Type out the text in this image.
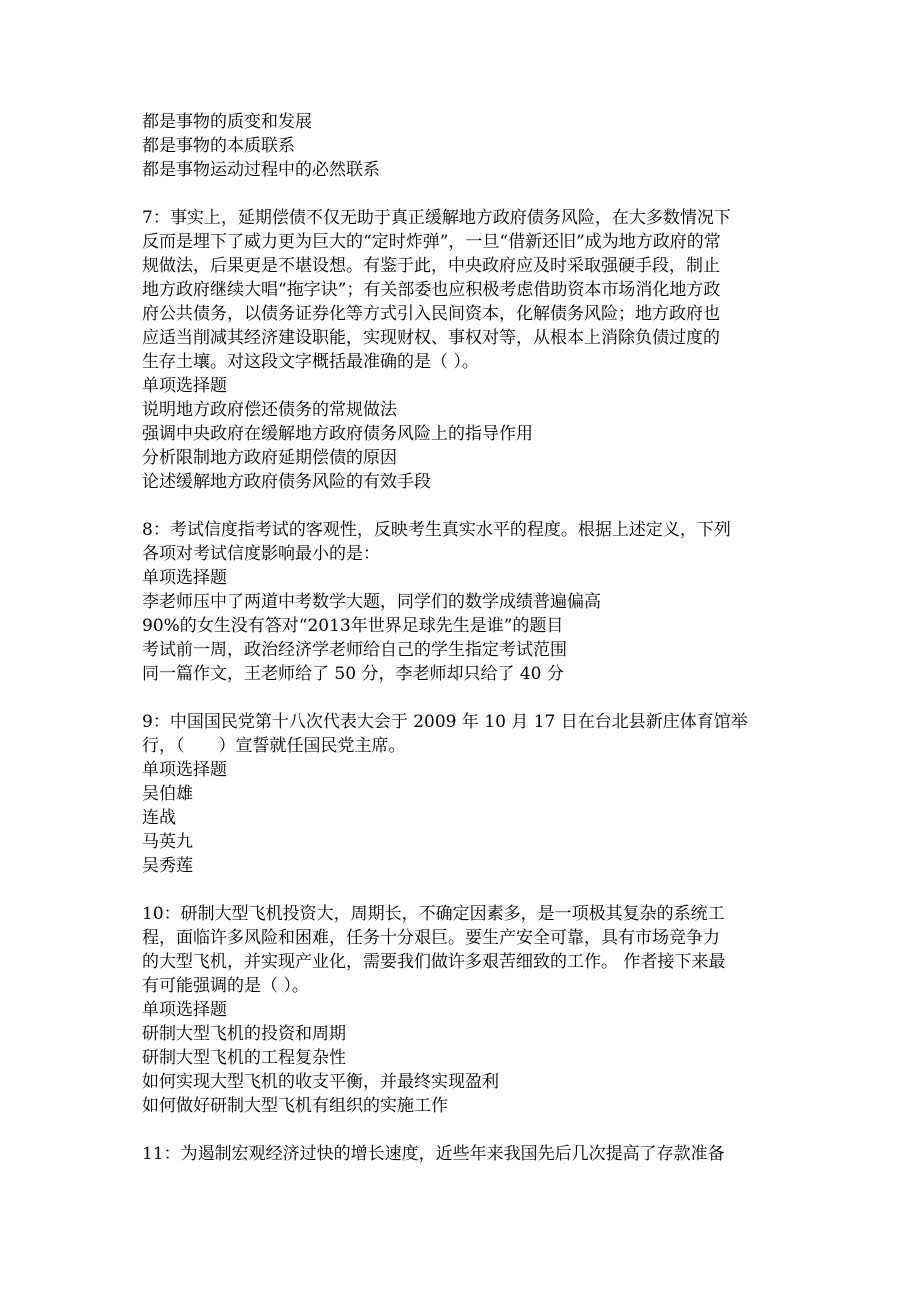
都是事物的质变和发展
都是事物的本质联系
都是事物运动过程中的必然联系
7：事实上，延期偿债不仅无助于真正缓解地方政府债务风险，在大多数情况下
反而是埋下了威力更为巨大的“定时炸弹”，一旦“借新还旧”成为地方政府的常
规做法，后果更是不堪设想。有鉴于此，中央政府应及时采取强硬手段，制止
地方政府继续大唱“拖字诀”；有关部委也应积极考虑借助资本市场消化地方政
府公共债务，以债务证券化等方式引入民间资本，化解债务风险；地方政府也
应适当削减其经济建设职能，实现财权、事权对等，从根本上消除负债过度的
生存土壤。对这段文字概括最准确的是（ ）。
单项选择题
说明地方政府偿还债务的常规做法
强调中央政府在缓解地方政府债务风险上的指导作用
分析限制地方政府延期偿债的原因
论述缓解地方政府债务风险的有效手段
8：考试信度指考试的客观性，反映考生真实水平的程度。根据上述定义，下列
各项对考试信度影响最小的是：
单项选择题
李老师压中了两道中考数学大题，同学们的数学成绩普遍偏高
90%的女生没有答对“2013年世界足球先生是谁”的题目
考试前一周，政治经济学老师给自己的学生指定考试范围
同一篇作文，王老师给了 50 分，李老师却只给了 40 分
9：中国国民党第十八次代表大会于 2009 年 10 月 17 日在台北县新庄体育馆举
行，（　　）宣誓就任国民党主席。
单项选择题
吴伯雄
连战
马英九
吴秀莲
10：研制大型飞机投资大，周期长，不确定因素多，是一项极其复杂的系统工
程，面临许多风险和困难，任务十分艰巨。要生产安全可靠，具有市场竞争力
的大型飞机，并实现产业化，需要我们做许多艰苦细致的工作。 作者接下来最
有可能强调的是（ ）。
单项选择题
研制大型飞机的投资和周期
研制大型飞机的工程复杂性
如何实现大型飞机的收支平衡，并最终实现盈利
如何做好研制大型飞机有组织的实施工作
11：为遏制宏观经济过快的增长速度，近些年来我国先后几次提高了存款准备
